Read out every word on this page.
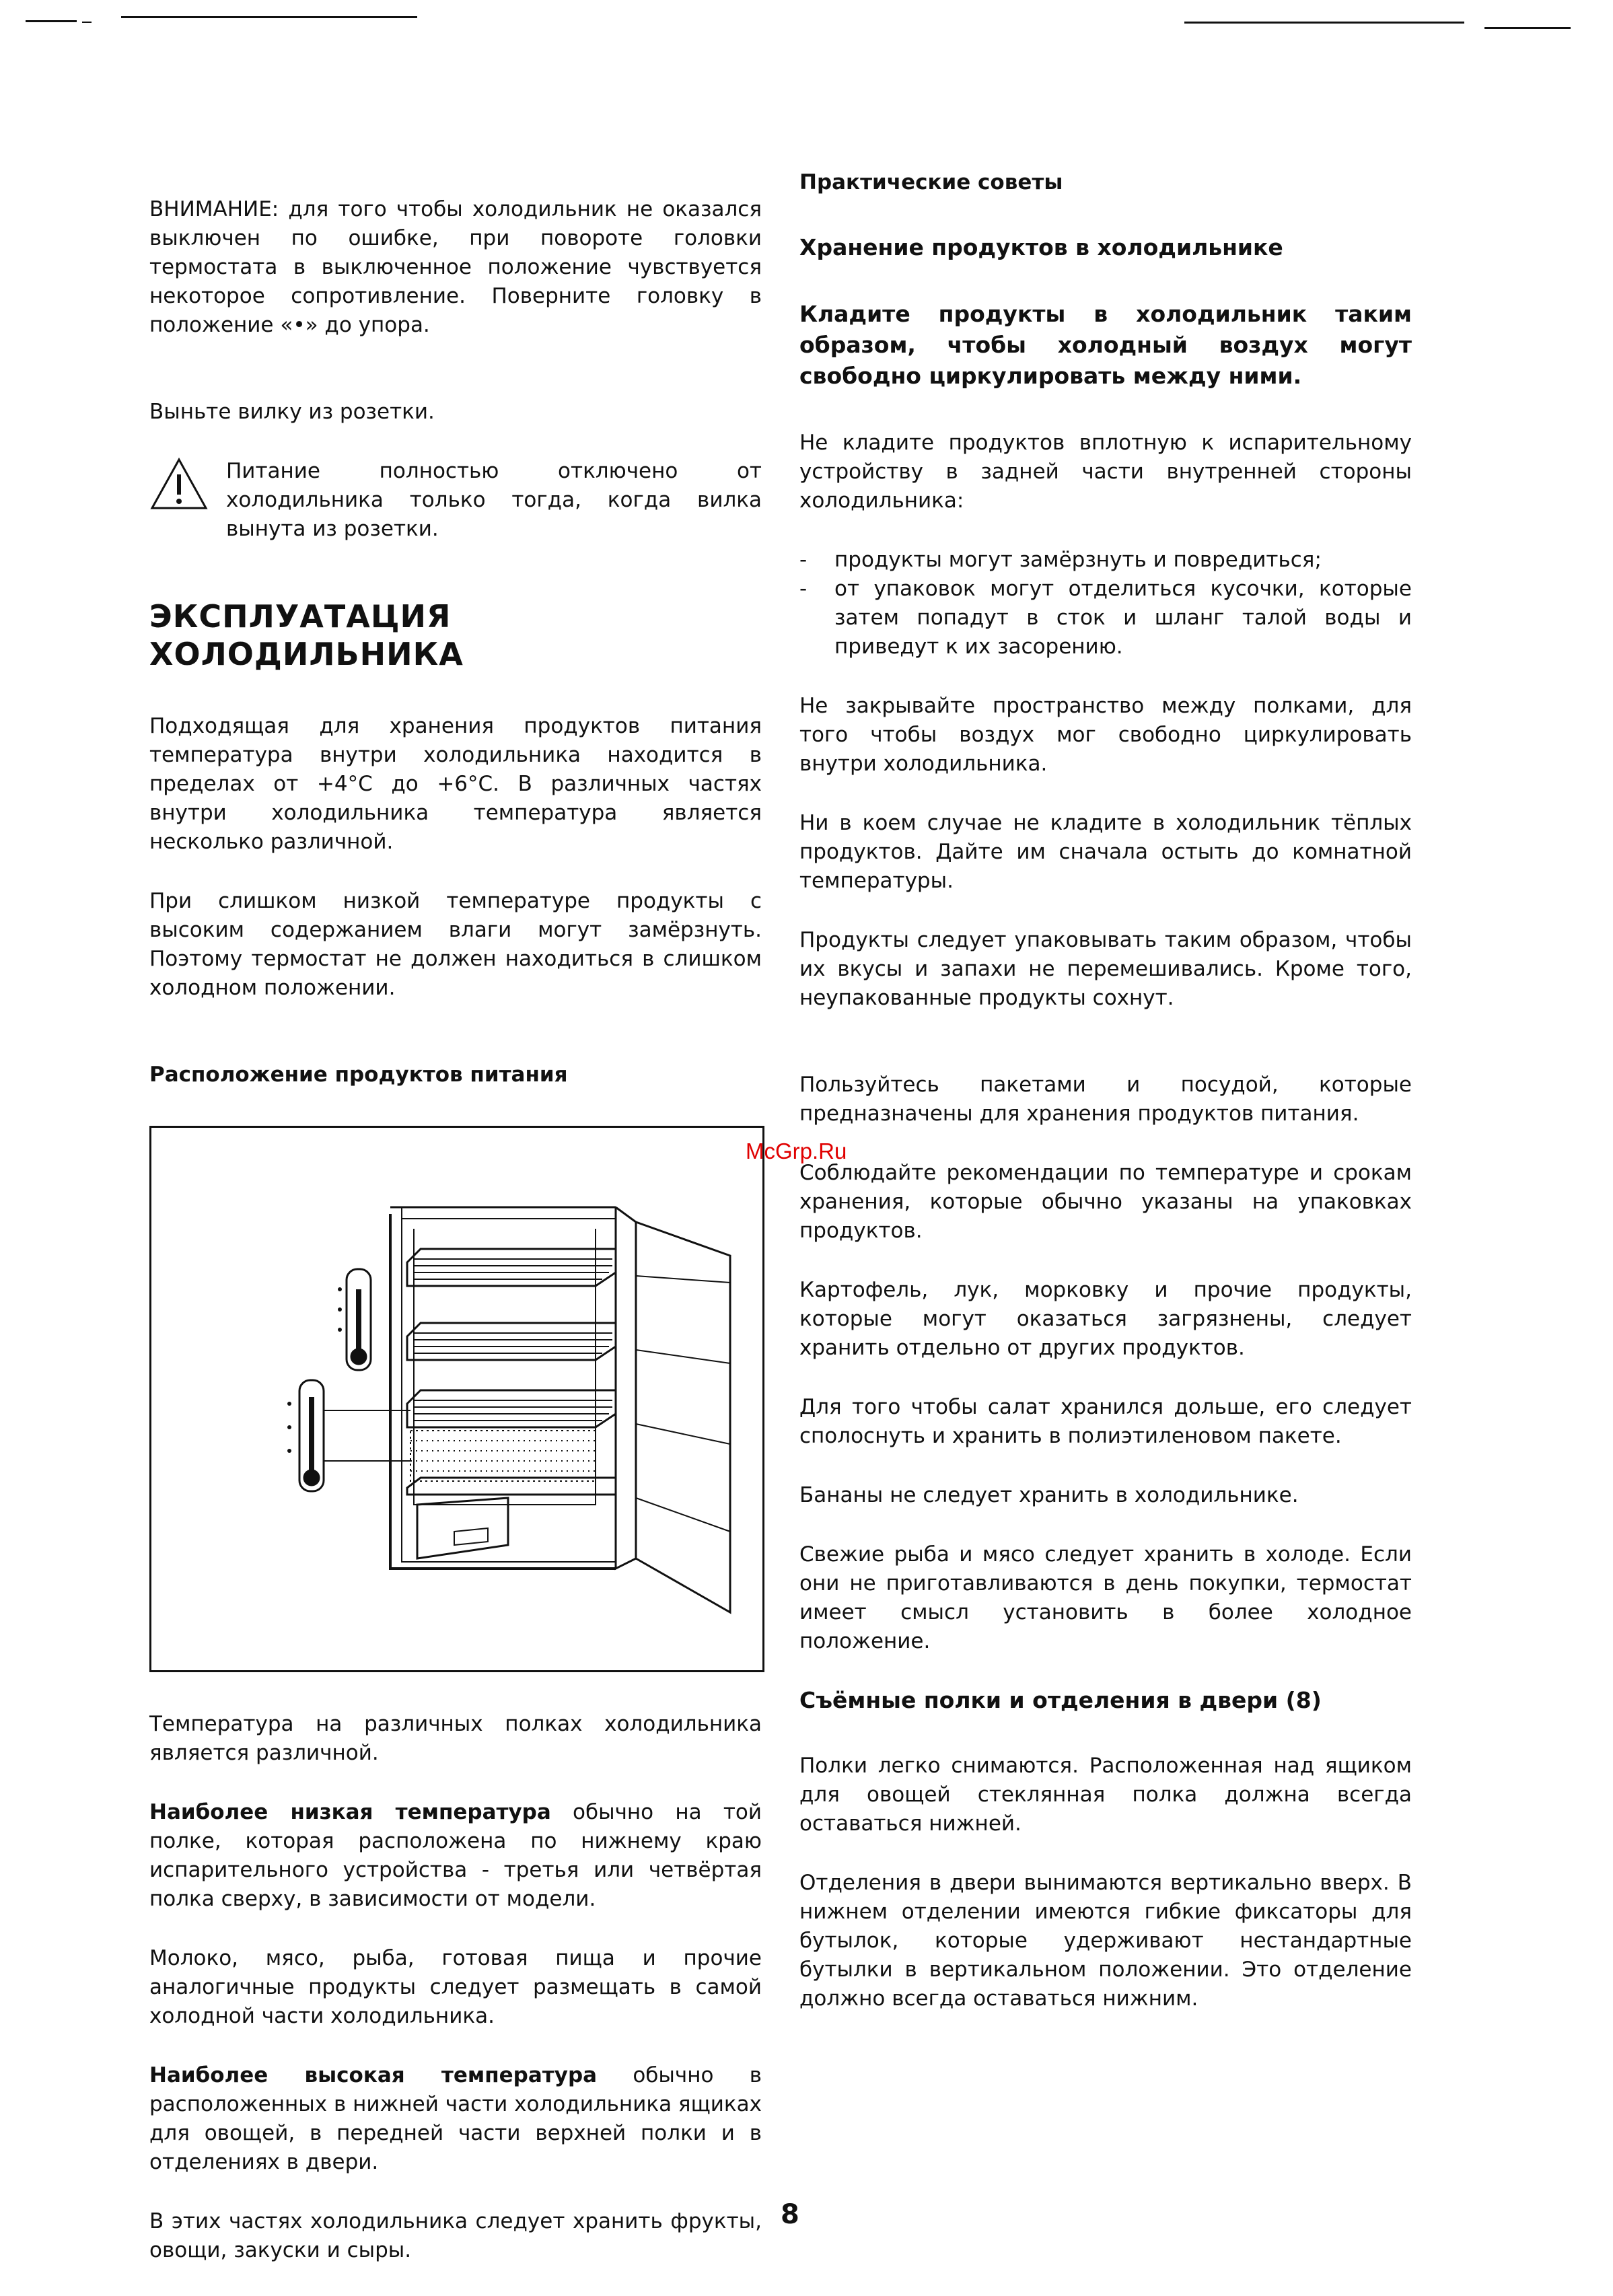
ВНИМАНИЕ: для того чтобы холодильник не оказался выключен по ошибке, при повороте головки термостата в выключенное положение чувствуется некоторое сопротивление. Поверните головку в положение «•» до упора.

Выньте вилку из розетки.

Питание полностью отключено от холодильника только тогда, когда вилка вынута из розетки.

ЭКСПЛУАТАЦИЯ ХОЛОДИЛЬНИКА

Подходящая для хранения продуктов питания температура внутри холодильника находится в пределах от +4°С до +6°С. В различных частях внутри холодильника температура является несколько различной.

При слишком низкой температуре продукты с высоким содержанием влаги могут замёрзнуть. Поэтому термостат не должен находиться в слишком холодном положении.

Расположение продуктов питания

Температура на различных полках холодильника является различной.

Наиболее низкая температура обычно на той полке, которая расположена по нижнему краю испарительного устройства - третья или четвёртая полка сверху, в зависимости от модели.

Молоко, мясо, рыба, готовая пища и прочие аналогичные продукты следует размещать в самой холодной части холодильника.

Наиболее высокая температура обычно в расположенных в нижней части холодильника ящиках для овощей, в передней части верхней полки и в отделениях в двери.

В этих частях холодильника следует хранить фрукты, овощи, закуски и сыры.

Практические советы
Хранение продуктов в холодильнике
Кладите продукты в холодильник таким образом, чтобы холодный воздух могут свободно циркулировать между ними.

Не кладите продуктов вплотную к испарительному устройству в задней части внутренней стороны холодильника:

- продукты могут замёрзнуть и повредиться;
- от упаковок могут отделиться кусочки, которые затем попадут в сток и шланг талой воды и приведут к их засорению.

Не закрывайте пространство между полками, для того чтобы воздух мог свободно циркулировать внутри холодильника.

Ни в коем случае не кладите в холодильник тёплых продуктов. Дайте им сначала остыть до комнатной температуры.

Продукты следует упаковывать таким образом, чтобы их вкусы и запахи не перемешивались. Кроме того, неупакованные продукты сохнут.

Пользуйтесь пакетами и посудой, которые предназначены для хранения продуктов питания.

Соблюдайте рекомендации по температуре и срокам хранения, которые обычно указаны на упаковках продуктов.

Картофель, лук, морковку и прочие продукты, которые могут оказаться загрязнены, следует хранить отдельно от других продуктов.

Для того чтобы салат хранился дольше, его следует сполоснуть и хранить в полиэтиленовом пакете.

Бананы не следует хранить в холодильнике.

Свежие рыба и мясо следует хранить в холоде. Если они не приготавливаются в день покупки, термостат имеет смысл установить в более холодное положение.

Съёмные полки и отделения в двери (8)

Полки легко снимаются. Расположенная над ящиком для овощей стеклянная полка должна всегда оставаться нижней.

Отделения в двери вынимаются вертикально вверх. В нижнем отделении имеются гибкие фиксаторы для бутылок, которые удерживают нестандартные бутылки в вертикальном положении. Это отделение должно всегда оставаться нижним.

McGrp.Ru
8
